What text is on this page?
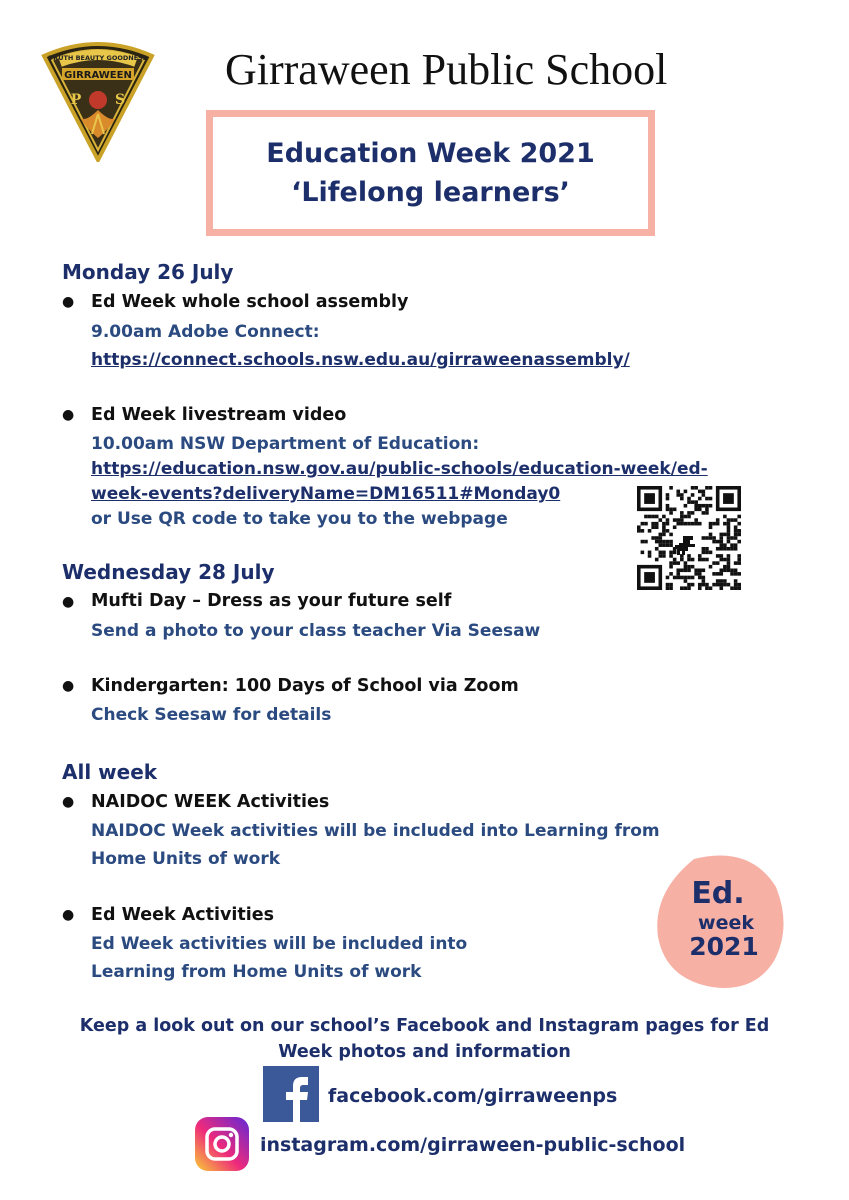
TRUTH BEAUTY GOODNESS
GIRRAWEEN
P S
Girraween Public School
Education Week 2021
‘Lifelong learners’
Monday 26 July
● Ed Week whole school assembly
9.00am Adobe Connect:
https://connect.schools.nsw.edu.au/girraweenassembly/
● Ed Week livestream video
10.00am NSW Department of Education:
https://education.nsw.gov.au/public-schools/education-week/ed-
week-events?deliveryName=DM16511#Monday0
or Use QR code to take you to the webpage
Wednesday 28 July
● Mufti Day – Dress as your future self
Send a photo to your class teacher Via Seesaw
● Kindergarten: 100 Days of School via Zoom
Check Seesaw for details
All week
● NAIDOC WEEK Activities
NAIDOC Week activities will be included into Learning from
Home Units of work
● Ed Week Activities
Ed Week activities will be included into
Learning from Home Units of work
Ed.
week
2021
Keep a look out on our school’s Facebook and Instagram pages for Ed
Week photos and information
facebook.com/girraweenps
instagram.com/girraween-public-school
